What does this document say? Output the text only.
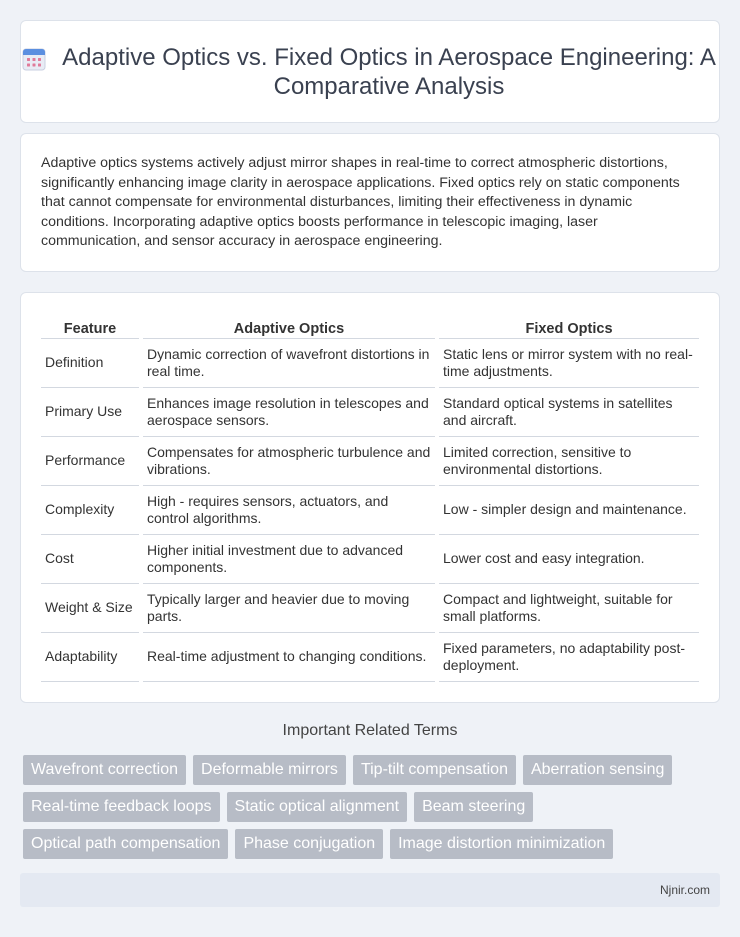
Adaptive Optics vs. Fixed Optics in Aerospace Engineering: A Comparative Analysis

Adaptive optics systems actively adjust mirror shapes in real-time to correct atmospheric distortions, significantly enhancing image clarity in aerospace applications. Fixed optics rely on static components that cannot compensate for environmental disturbances, limiting their effectiveness in dynamic conditions. Incorporating adaptive optics boosts performance in telescopic imaging, laser communication, and sensor accuracy in aerospace engineering.

Feature	Adaptive Optics	Fixed Optics
Definition	Dynamic correction of wavefront distortions in real time.	Static lens or mirror system with no real-time adjustments.
Primary Use	Enhances image resolution in telescopes and aerospace sensors.	Standard optical systems in satellites and aircraft.
Performance	Compensates for atmospheric turbulence and vibrations.	Limited correction, sensitive to environmental distortions.
Complexity	High - requires sensors, actuators, and control algorithms.	Low - simpler design and maintenance.
Cost	Higher initial investment due to advanced components.	Lower cost and easy integration.
Weight & Size	Typically larger and heavier due to moving parts.	Compact and lightweight, suitable for small platforms.
Adaptability	Real-time adjustment to changing conditions.	Fixed parameters, no adaptability post-deployment.
Important Related Terms
Wavefront correction	Deformable mirrors	Tip-tilt compensation	Aberration sensing
Real-time feedback loops	Static optical alignment	Beam steering
Optical path compensation	Phase conjugation	Image distortion minimization
Njnir.com
